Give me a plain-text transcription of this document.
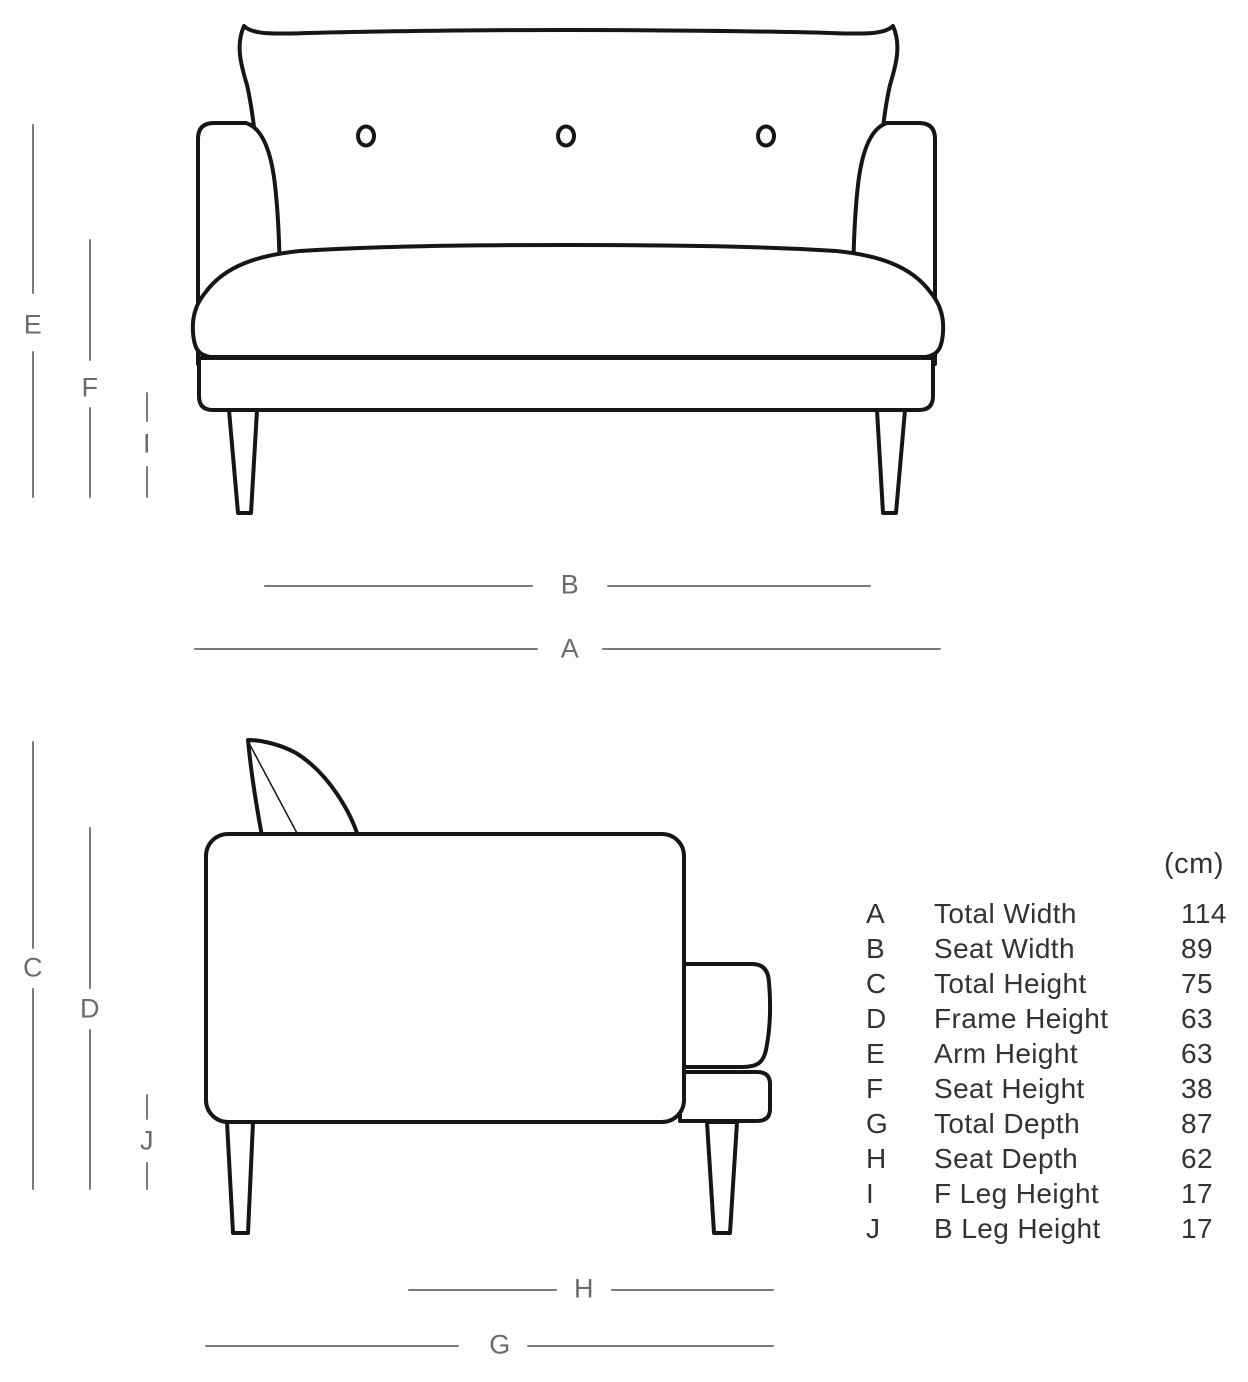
E
F
I
B
A
C
D
J
H
G
(cm)
A	Total Width	114
B	Seat Width	89
C	Total Height	75
D	Frame Height	63
E	Arm Height	63
F	Seat Height	38
G	Total Depth	87
H	Seat Depth	62
I	F Leg Height	17
J	B Leg Height	17
